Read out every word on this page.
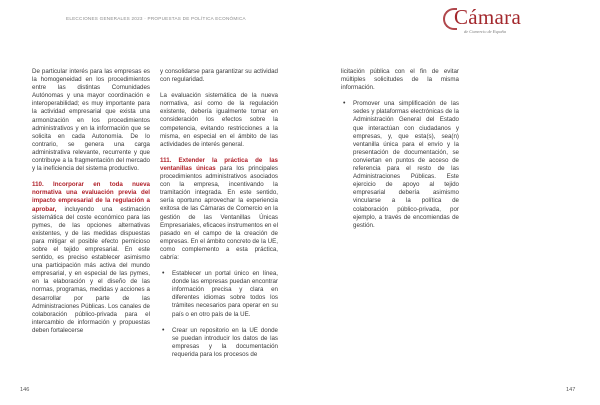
ELECCIONES GENERALES 2023 · PROPUESTAS DE POLÍTICA ECONÓMICA	Cámara
de Comercio de España

De particular interés para las empresas es la homogeneidad en los procedimientos entre las distintas Comunidades Autónomas y una mayor coordinación e interoperabilidad; es muy importante para la actividad empresarial que exista una armonización en los procedimientos administrativos y en la información que se solicita en cada Autonomía. De lo contrario, se genera una carga administrativa relevante, recurrente y que contribuye a la fragmentación del mercado y la ineficiencia del sistema productivo.

110. Incorporar en toda nueva normativa una evaluación previa del impacto empresarial de la regulación a aprobar, incluyendo una estimación sistemática del coste económico para las pymes, de las opciones alternativas existentes, y de las medidas dispuestas para mitigar el posible efecto pernicioso sobre el tejido empresarial. En este sentido, es preciso establecer asimismo una participación más activa del mundo empresarial, y en especial de las pymes, en la elaboración y el diseño de las normas, programas, medidas y acciones a desarrollar por parte de las Administraciones Públicas. Los canales de colaboración público-privada para el intercambio de información y propuestas deben fortalecerse

y consolidarse para garantizar su actividad con regularidad.

La evaluación sistemática de la nueva normativa, así como de la regulación existente, debería igualmente tomar en consideración los efectos sobre la competencia, evitando restricciones a la misma, en especial en el ámbito de las actividades de interés general.

111. Extender la práctica de las ventanillas únicas para los principales procedimientos administrativos asociados con la empresa, incentivando la tramitación integrada. En este sentido, sería oportuno aprovechar la experiencia exitosa de las Cámaras de Comercio en la gestión de las Ventanillas Únicas Empresariales, eficaces instrumentos en el pasado en el campo de la creación de empresas. En el ámbito concreto de la UE, como complemento a esta práctica, cabría:

• Establecer un portal único en línea, donde las empresas puedan encontrar información precisa y clara en diferentes idiomas sobre todos los trámites necesarios para operar en su país o en otro país de la UE.
• Crear un repositorio en la UE donde se puedan introducir los datos de las empresas y la documentación requerida para los procesos de

licitación pública con el fin de evitar múltiples solicitudes de la misma información.

• Promover una simplificación de las sedes y plataformas electrónicas de la Administración General del Estado que interactúan con ciudadanos y empresas, y, que esta(s), sea(n) ventanilla única para el envío y la presentación de documentación, se conviertan en puntos de acceso de referencia para el resto de las Administraciones Públicas. Este ejercicio de apoyo al tejido empresarial debería asimismo vincularse a la política de colaboración público-privada, por ejemplo, a través de encomiendas de gestión.
146	147
